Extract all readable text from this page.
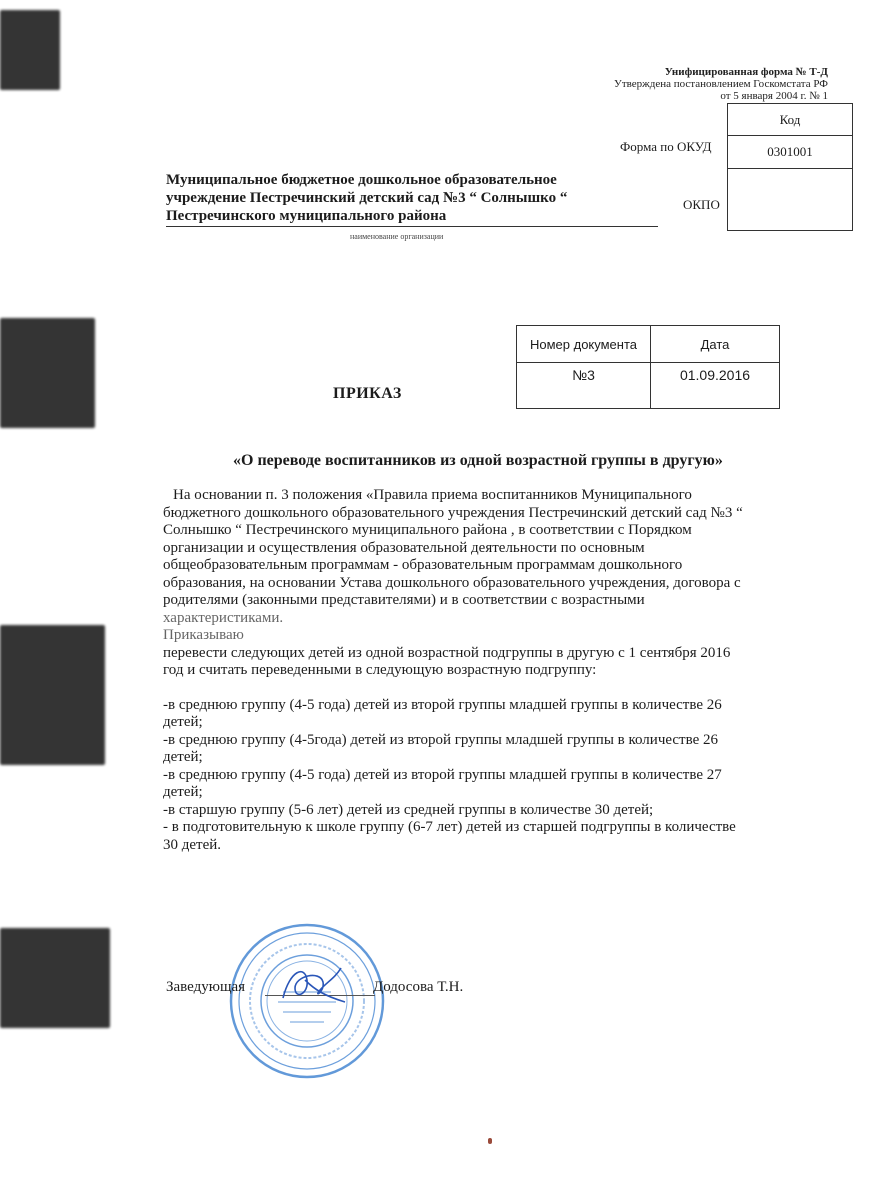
Унифицированная форма № Т-Д
Утверждена постановлением Госкомстата РФ
от 5 января 2004 г. № 1
Код
0301001
Форма по ОКУД
ОКПО
Муниципальное бюджетное дошкольное образовательное
учреждение Пестречинский детский сад №3 “ Солнышко “
Пестречинского муниципального района
наименование организации
Номер документа	Дата
№3	01.09.2016
ПРИКАЗ
«О переводе воспитанников из одной возрастной группы в другую»

На основании п. 3 положения «Правила приема воспитанников Муниципального

бюджетного дошкольного образовательного учреждения Пестречинский детский сад №3 “

Солнышко “ Пестречинского муниципального района , в соответствии с Порядком

организации и осуществления образовательной деятельности по основным

общеобразовательным программам - образовательным программам дошкольного

образования, на основании Устава дошкольного образовательного учреждения, договора с

родителями (законными представителями) и в соответствии с возрастными

характеристиками.

Приказываю

перевести следующих детей из одной возрастной подгруппы в другую с 1 сентября 2016

год и считать переведенными в следующую возрастную подгруппу:

-в среднюю группу (4-5 года) детей из второй группы младшей группы в количестве 26

детей;

-в среднюю группу (4-5года) детей из второй группы младшей группы в количестве 26

детей;

-в среднюю группу (4-5 года) детей из второй группы младшей группы в количестве 27

детей;

-в старшую группу (5-6 лет) детей из средней группы в количестве 30 детей;

- в подготовительную к школе группу (6-7 лет) детей из старшей подгруппы в количестве

30 детей.

Заведующая	Додосова Т.Н.
